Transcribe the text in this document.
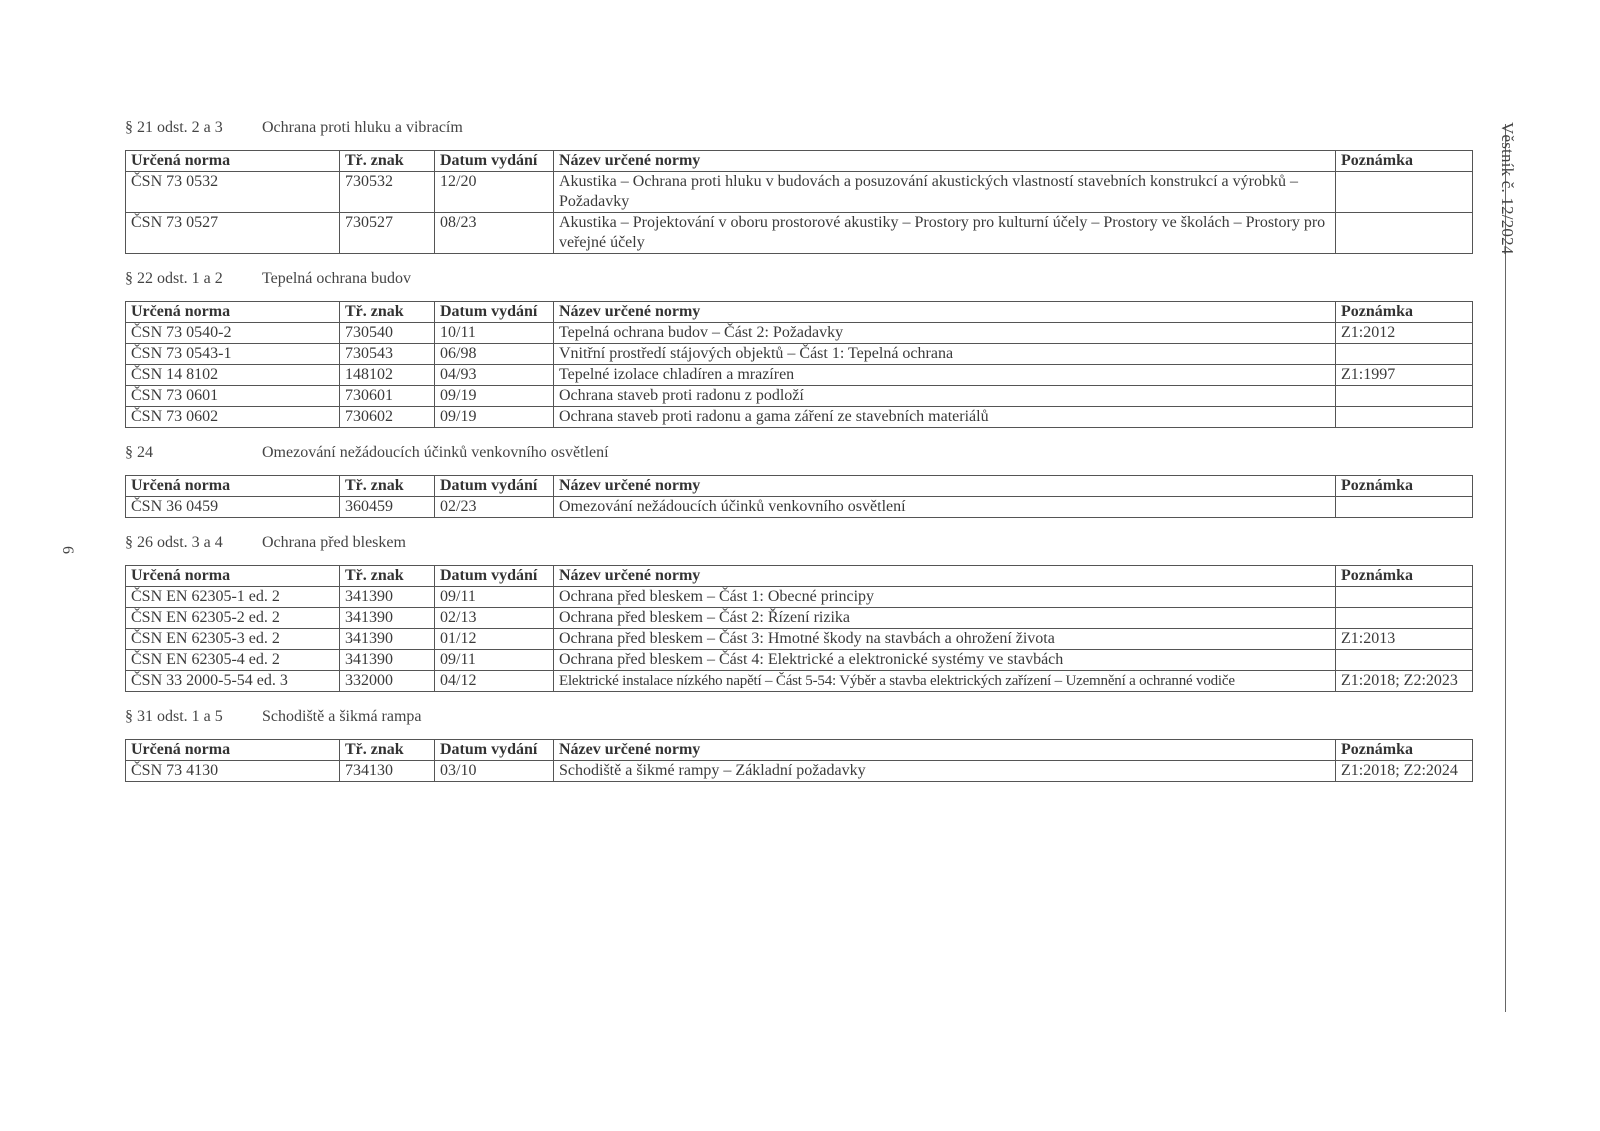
Věstník č. 12/2024
6
§ 21 odst. 2 a 3	Ochrana proti hluku a vibracím
Určená norma	Tř. znak	Datum vydání	Název určené normy	Poznámka
ČSN 73 0532	730532	12/20	Akustika – Ochrana proti hluku v budovách a posuzování akustických vlastností stavebních konstrukcí a výrobků – Požadavky	
ČSN 73 0527	730527	08/23	Akustika – Projektování v oboru prostorové akustiky – Prostory pro kulturní účely – Prostory ve školách – Prostory pro veřejné účely	
§ 22 odst. 1 a 2	Tepelná ochrana budov
Určená norma	Tř. znak	Datum vydání	Název určené normy	Poznámka
ČSN 73 0540-2	730540	10/11	Tepelná ochrana budov – Část 2: Požadavky	Z1:2012
ČSN 73 0543-1	730543	06/98	Vnitřní prostředí stájových objektů – Část 1: Tepelná ochrana	
ČSN 14 8102	148102	04/93	Tepelné izolace chladíren a mrazíren	Z1:1997
ČSN 73 0601	730601	09/19	Ochrana staveb proti radonu z podloží	
ČSN 73 0602	730602	09/19	Ochrana staveb proti radonu a gama záření ze stavebních materiálů	
§ 24	Omezování nežádoucích účinků venkovního osvětlení
Určená norma	Tř. znak	Datum vydání	Název určené normy	Poznámka
ČSN 36 0459	360459	02/23	Omezování nežádoucích účinků venkovního osvětlení	
§ 26 odst. 3 a 4	Ochrana před bleskem
Určená norma	Tř. znak	Datum vydání	Název určené normy	Poznámka
ČSN EN 62305-1 ed. 2	341390	09/11	Ochrana před bleskem – Část 1: Obecné principy	
ČSN EN 62305-2 ed. 2	341390	02/13	Ochrana před bleskem – Část 2: Řízení rizika	
ČSN EN 62305-3 ed. 2	341390	01/12	Ochrana před bleskem – Část 3: Hmotné škody na stavbách a ohrožení života	Z1:2013
ČSN EN 62305-4 ed. 2	341390	09/11	Ochrana před bleskem – Část 4: Elektrické a elektronické systémy ve stavbách	
ČSN 33 2000-5-54 ed. 3	332000	04/12	Elektrické instalace nízkého napětí – Část 5-54: Výběr a stavba elektrických zařízení – Uzemnění a ochranné vodiče	Z1:2018; Z2:2023
§ 31 odst. 1 a 5	Schodiště a šikmá rampa
Určená norma	Tř. znak	Datum vydání	Název určené normy	Poznámka
ČSN 73 4130	734130	03/10	Schodiště a šikmé rampy – Základní požadavky	Z1:2018; Z2:2024
